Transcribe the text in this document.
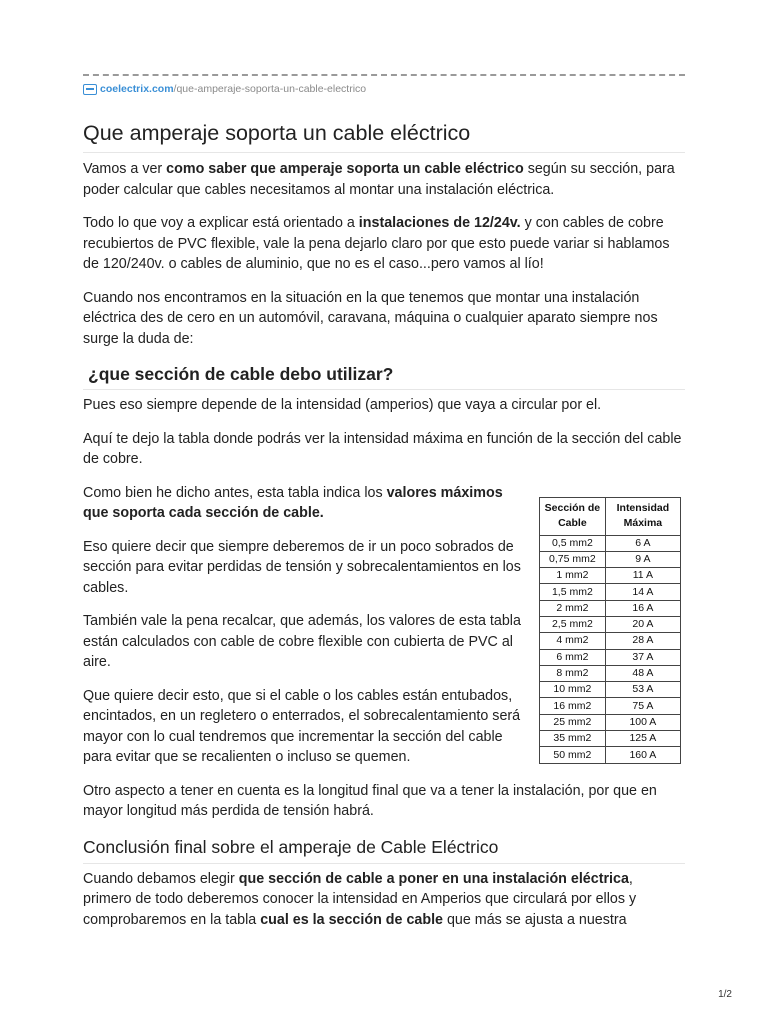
coelectrix.com /que-amperaje-soporta-un-cable-electrico
Que amperaje soporta un cable eléctrico

Vamos a ver como saber que amperaje soporta un cable eléctrico según su sección, para poder calcular que cables necesitamos al montar una instalación eléctrica.

Todo lo que voy a explicar está orientado a instalaciones de 12/24v. y con cables de cobre recubiertos de PVC flexible, vale la pena dejarlo claro por que esto puede variar si hablamos de 120/240v. o cables de aluminio, que no es el caso...pero vamos al lío!

Cuando nos encontramos en la situación en la que tenemos que montar una instalación eléctrica des de cero en un automóvil, caravana, máquina o cualquier aparato siempre nos surge la duda de:

¿que sección de cable debo utilizar?

Pues eso siempre depende de la intensidad (amperios) que vaya a circular por el.

Aquí te dejo la tabla donde podrás ver la intensidad máxima en función de la sección del cable de cobre.

Sección de Cable	Intensidad Máxima
0,5 mm2	6 A
0,75 mm2	9 A
1 mm2	11 A
1,5 mm2	14 A
2 mm2	16 A
2,5 mm2	20 A
4 mm2	28 A
6 mm2	37 A
8 mm2	48 A
10 mm2	53 A
16 mm2	75 A
25 mm2	100 A
35 mm2	125 A
50 mm2	160 A

Como bien he dicho antes, esta tabla indica los valores máximos que soporta cada sección de cable.

Eso quiere decir que siempre deberemos de ir un poco sobrados de sección para evitar perdidas de tensión y sobrecalentamientos en los cables.

También vale la pena recalcar, que además, los valores de esta tabla están calculados con cable de cobre flexible con cubierta de PVC al aire.

Que quiere decir esto, que si el cable o los cables están entubados, encintados, en un regletero o enterrados, el sobrecalentamiento será mayor con lo cual tendremos que incrementar la sección del cable para evitar que se recalienten o incluso se quemen.

Otro aspecto a tener en cuenta es la longitud final que va a tener la instalación, por que en mayor longitud más perdida de tensión habrá.

Conclusión final sobre el amperaje de Cable Eléctrico

Cuando debamos elegir que sección de cable a poner en una instalación eléctrica, primero de todo deberemos conocer la intensidad en Amperios que circulará por ellos y comprobaremos en la tabla cual es la sección de cable que más se ajusta a nuestra

1/2
